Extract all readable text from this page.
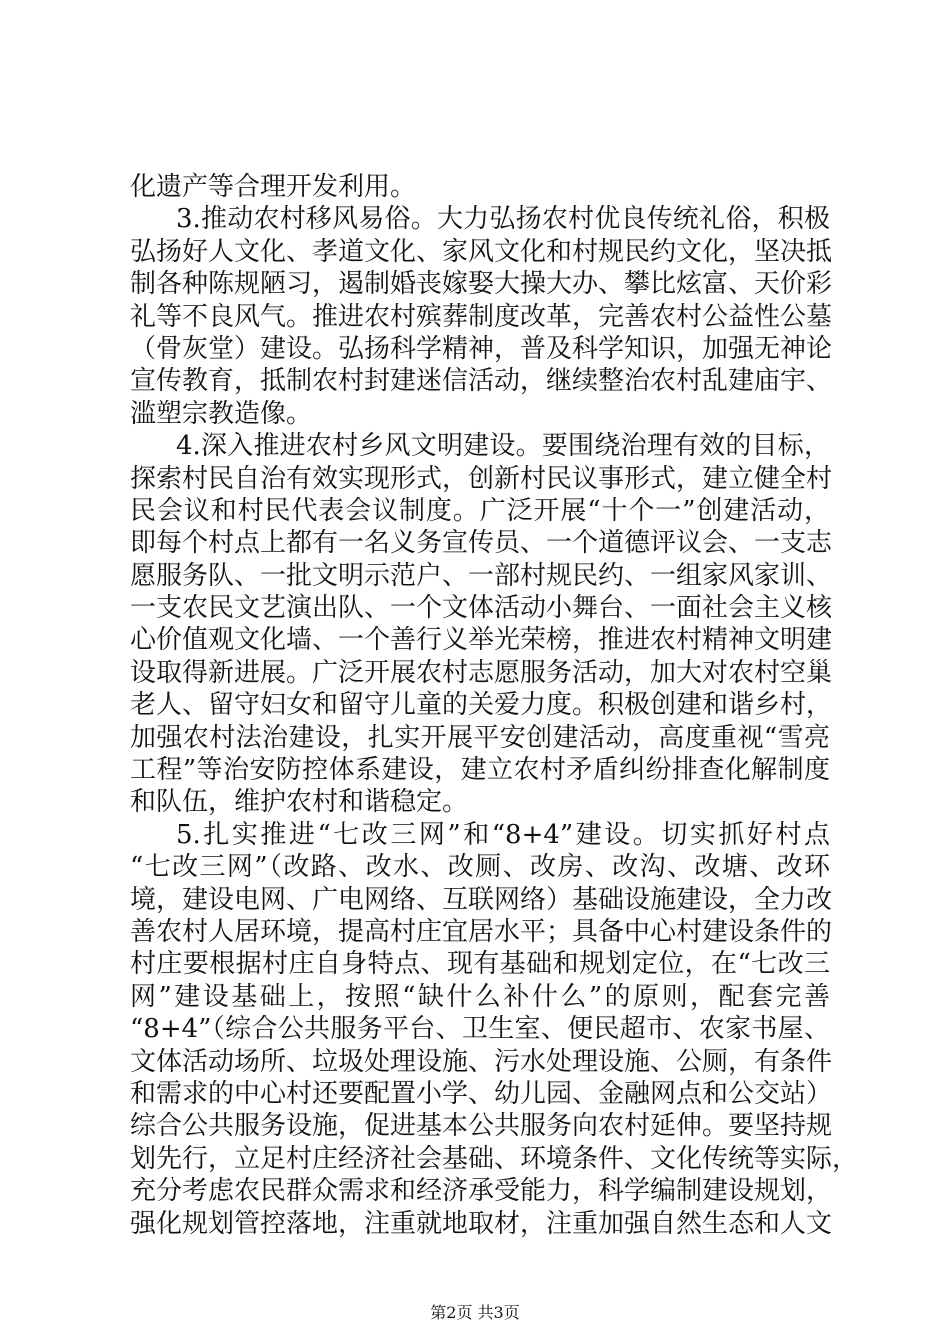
化遗产等合理开发利用。
3.推动农村移风易俗。大力弘扬农村优良传统礼俗，积极
弘扬好人文化、孝道文化、家风文化和村规民约文化，坚决抵
制各种陈规陋习，遏制婚丧嫁娶大操大办、攀比炫富、天价彩
礼等不良风气。推进农村殡葬制度改革，完善农村公益性公墓
（骨灰堂）建设。弘扬科学精神，普及科学知识，加强无神论
宣传教育，抵制农村封建迷信活动，继续整治农村乱建庙宇、
滥塑宗教造像。
4.深入推进农村乡风文明建设。要围绕治理有效的目标，
探索村民自治有效实现形式，创新村民议事形式，建立健全村
民会议和村民代表会议制度。广泛开展“十个一”创建活动，
即每个村点上都有一名义务宣传员、一个道德评议会、一支志
愿服务队、一批文明示范户、一部村规民约、一组家风家训、
一支农民文艺演出队、一个文体活动小舞台、一面社会主义核
心价值观文化墙、一个善行义举光荣榜，推进农村精神文明建
设取得新进展。广泛开展农村志愿服务活动，加大对农村空巢
老人、留守妇女和留守儿童的关爱力度。积极创建和谐乡村，
加强农村法治建设，扎实开展平安创建活动，高度重视“雪亮
工程”等治安防控体系建设，建立农村矛盾纠纷排查化解制度
和队伍，维护农村和谐稳定。
5.扎实推进“七改三网”和“8+4”建设。切实抓好村点
“七改三网”（改路、改水、改厕、改房、改沟、改塘、改环
境，建设电网、广电网络、互联网络）基础设施建设，全力改
善农村人居环境，提高村庄宜居水平；具备中心村建设条件的
村庄要根据村庄自身特点、现有基础和规划定位，在“七改三
网”建设基础上，按照“缺什么补什么”的原则，配套完善
“8+4”（综合公共服务平台、卫生室、便民超市、农家书屋、
文体活动场所、垃圾处理设施、污水处理设施、公厕，有条件
和需求的中心村还要配置小学、幼儿园、金融网点和公交站）
综合公共服务设施，促进基本公共服务向农村延伸。要坚持规
划先行，立足村庄经济社会基础、环境条件、文化传统等实际，
充分考虑农民群众需求和经济承受能力，科学编制建设规划，
强化规划管控落地，注重就地取材，注重加强自然生态和人文
第2页 共3页
